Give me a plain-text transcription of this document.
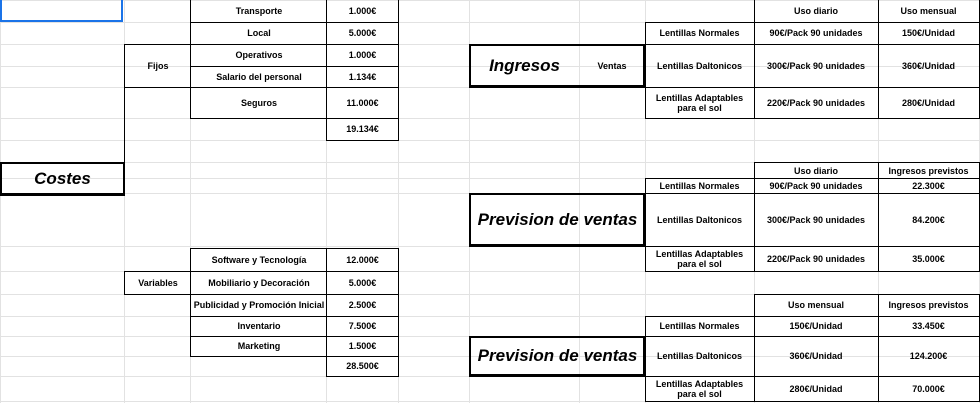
Costes
Fijos
Transporte	1.000€
Local	5.000€
Operativos	1.000€
Salario del personal	1.134€
Seguros	11.000€
19.134€
Variables
Software y Tecnología	12.000€
Mobiliario y Decoración	5.000€
Publicidad y Promoción Inicial	2.500€
Inventario	7.500€
Marketing	1.500€
28.500€
Uso diario	Uso mensual
Ingresos	Ventas
Lentillas Normales	90€/Pack 90 unidades	150€/Unidad
Lentillas Daltonicos	300€/Pack 90 unidades	360€/Unidad
Lentillas Adaptables para el sol	220€/Pack 90 unidades	280€/Unidad
Uso diario	Ingresos previstos
Prevision de ventas
Lentillas Normales	90€/Pack 90 unidades	22.300€
Lentillas Daltonicos	300€/Pack 90 unidades	84.200€
Lentillas Adaptables para el sol	220€/Pack 90 unidades	35.000€
Uso mensual	Ingresos previstos
Prevision de ventas
Lentillas Normales	150€/Unidad	33.450€
Lentillas Daltonicos	360€/Unidad	124.200€
Lentillas Adaptables para el sol	280€/Unidad	70.000€
